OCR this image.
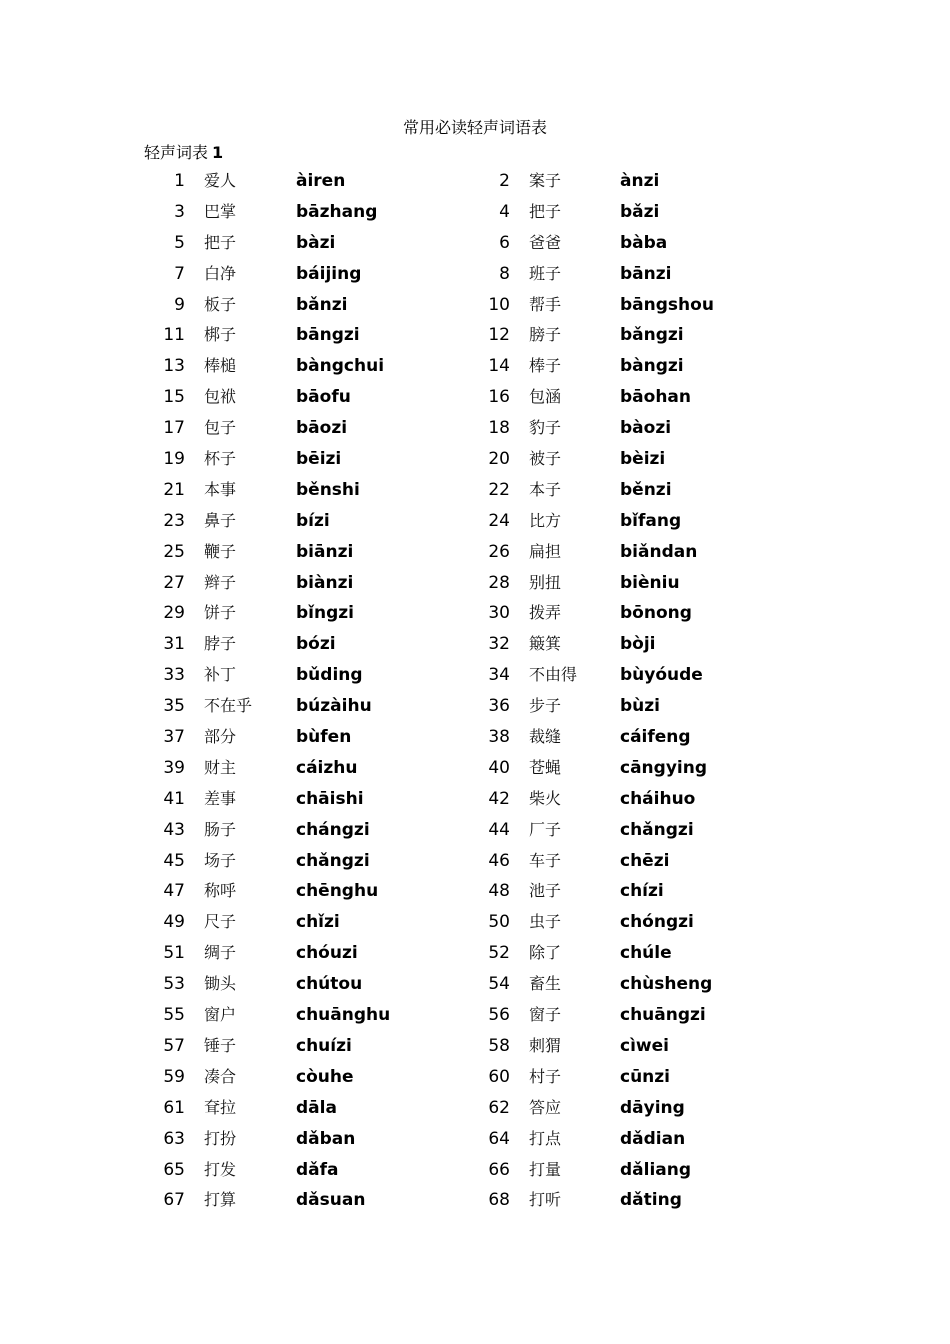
常用必读轻声词语表
轻声词表 1
1 爱人	àiren	2 案子	ànzi
3 巴掌	bāzhang	4 把子	bǎzi
5 把子	bàzi	6 爸爸	bàba
7 白净	báijing	8 班子	bānzi
9 板子	bǎnzi	10 帮手	bāngshou
11 梆子	bāngzi	12 膀子	bǎngzi
13 棒槌	bàngchui	14 棒子	bàngzi
15 包袱	bāofu	16 包涵	bāohan
17 包子	bāozi	18 豹子	bàozi
19 杯子	bēizi	20 被子	bèizi
21 本事	běnshi	22 本子	běnzi
23 鼻子	bízi	24 比方	bǐfang
25 鞭子	biānzi	26 扁担	biǎndan
27 辫子	biànzi	28 别扭	bièniu
29 饼子	bǐngzi	30 拨弄	bōnong
31 脖子	bózi	32 簸箕	bòji
33 补丁	bǔding	34 不由得	bùyóude
35 不在乎	búzàihu	36 步子	bùzi
37 部分	bùfen	38 裁缝	cáifeng
39 财主	cáizhu	40 苍蝇	cāngying
41 差事	chāishi	42 柴火	cháihuo
43 肠子	chángzi	44 厂子	chǎngzi
45 场子	chǎngzi	46 车子	chēzi
47 称呼	chēnghu	48 池子	chízi
49 尺子	chǐzi	50 虫子	chóngzi
51 绸子	chóuzi	52 除了	chúle
53 锄头	chútou	54 畜生	chùsheng
55 窗户	chuānghu	56 窗子	chuāngzi
57 锤子	chuízi	58 刺猬	cìwei
59 凑合	còuhe	60 村子	cūnzi
61 耷拉	dāla	62 答应	dāying
63 打扮	dǎban	64 打点	dǎdian
65 打发	dǎfa	66 打量	dǎliang
67 打算	dǎsuan	68 打听	dǎting
